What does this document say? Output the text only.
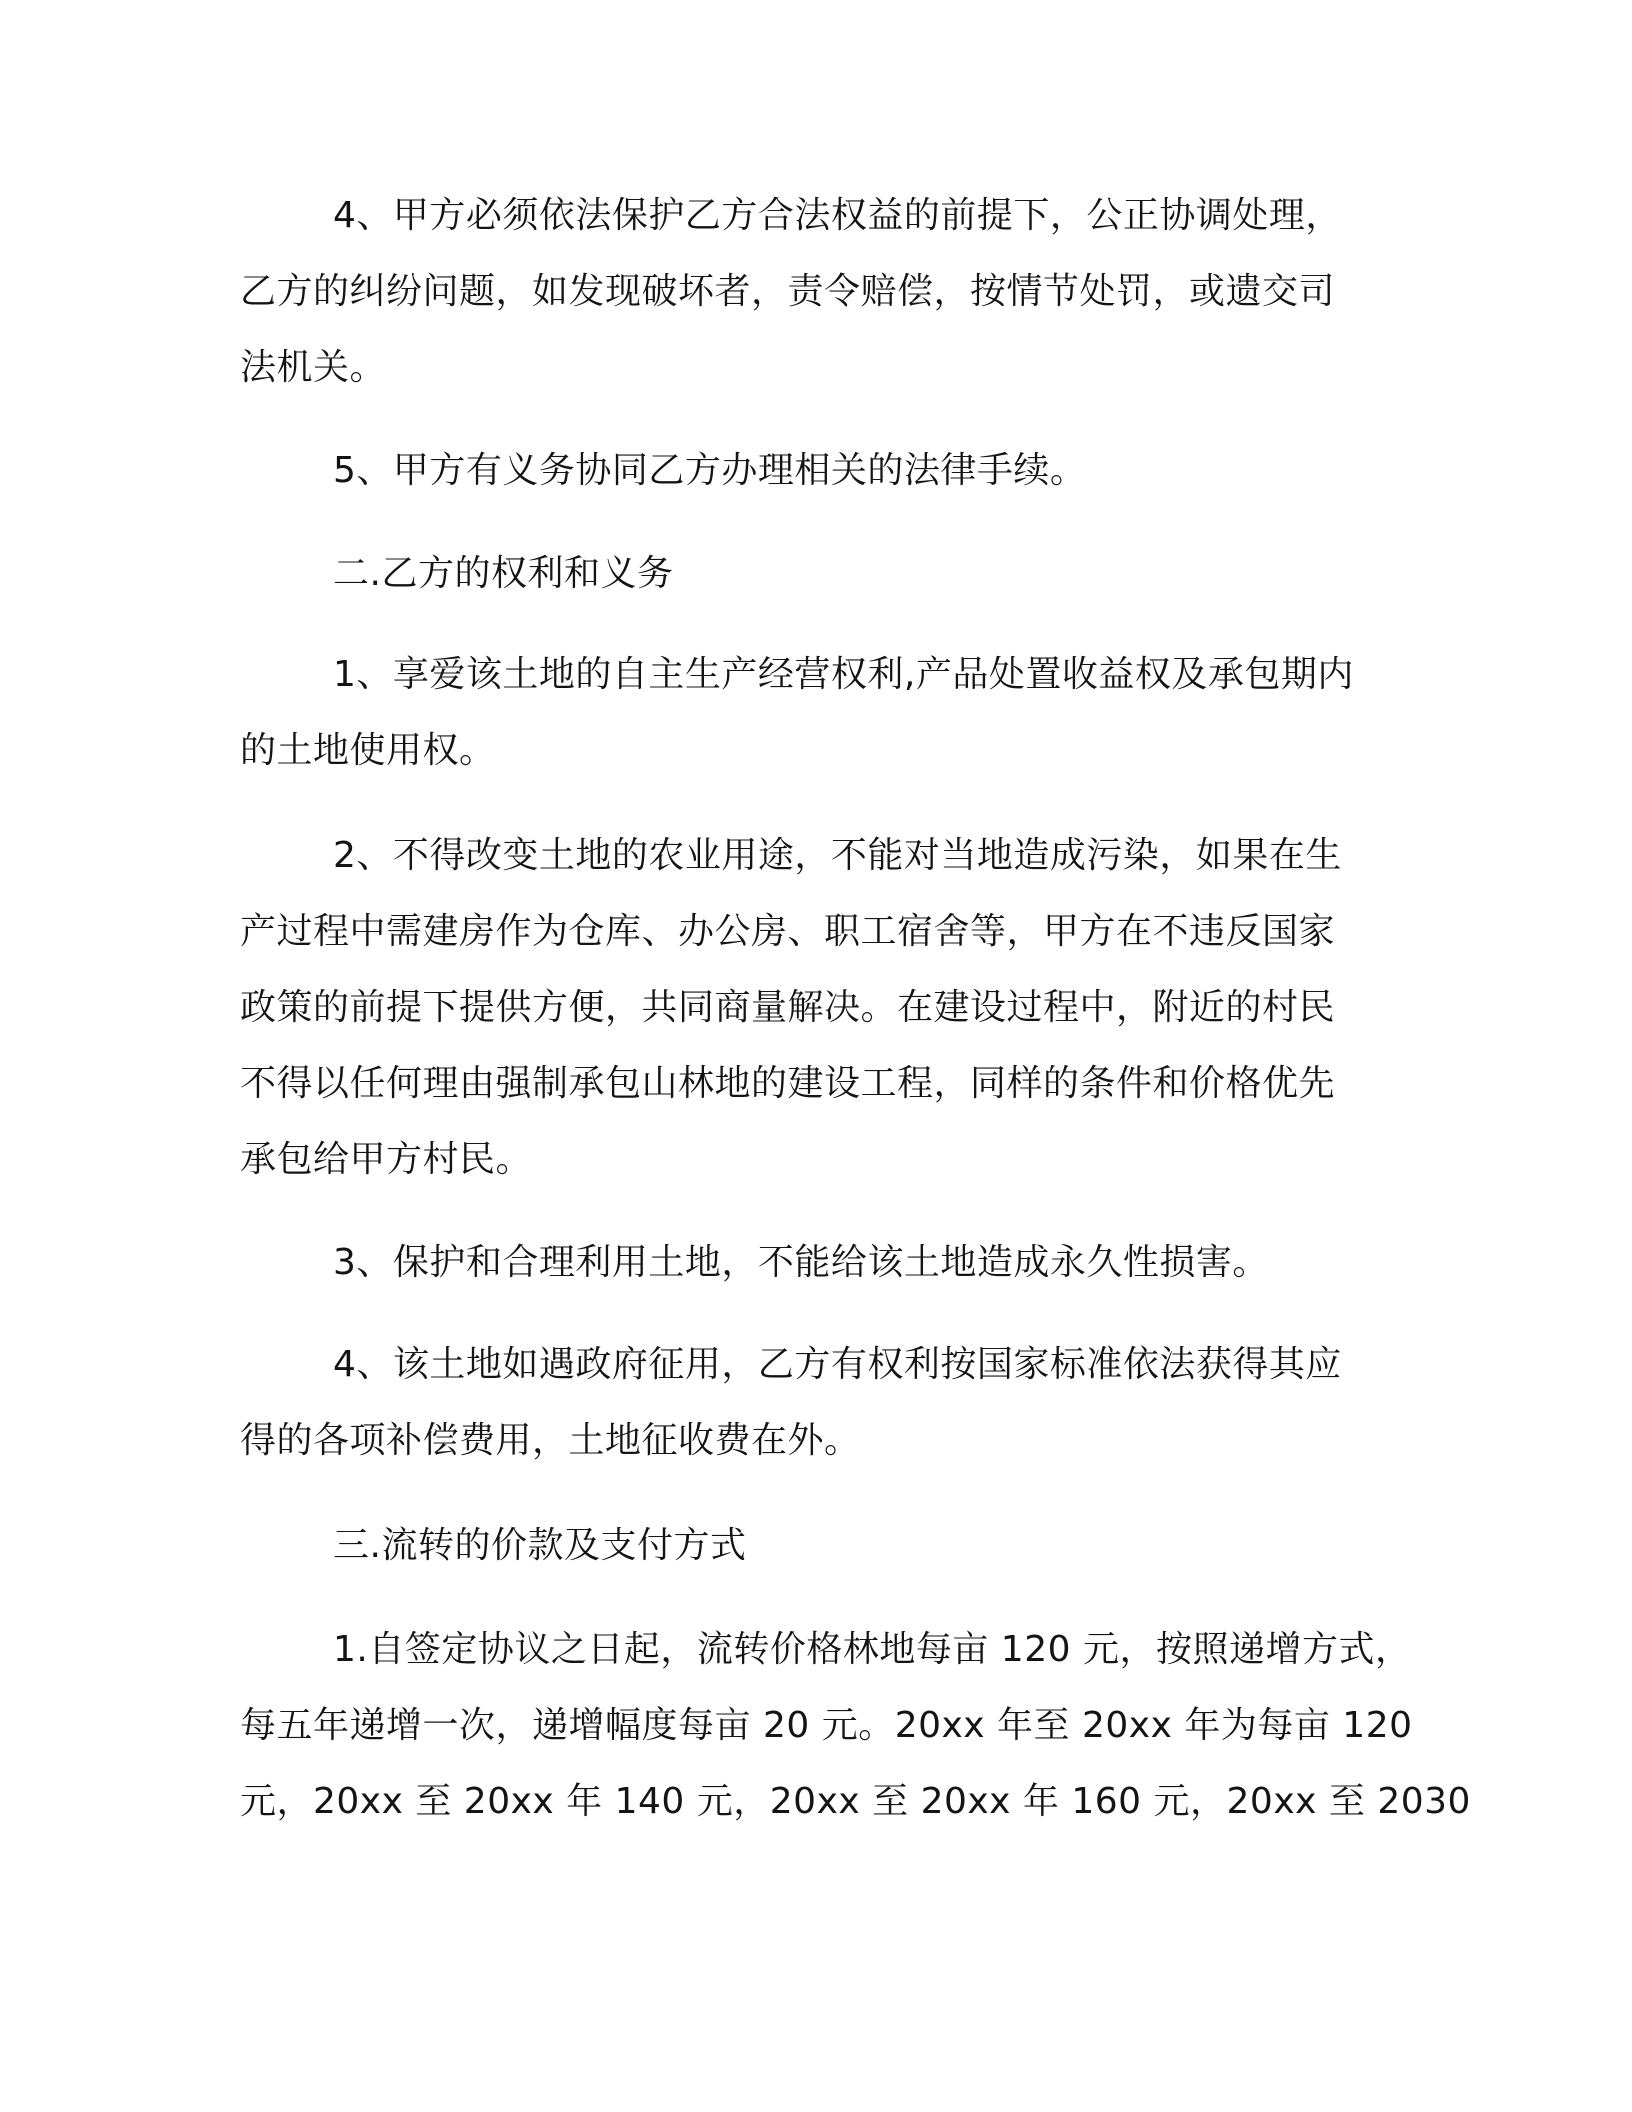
4、甲方必须依法保护乙方合法权益的前提下，公正协调处理，
乙方的纠纷问题，如发现破坏者，责令赔偿，按情节处罚，或遗交司
法机关。
5、甲方有义务协同乙方办理相关的法律手续。
二.乙方的权利和义务
1、享爱该土地的自主生产经营权利,产品处置收益权及承包期内
的土地使用权。
2、不得改变土地的农业用途，不能对当地造成污染，如果在生
产过程中需建房作为仓库、办公房、职工宿舍等，甲方在不违反国家
政策的前提下提供方便，共同商量解决。在建设过程中，附近的村民
不得以任何理由强制承包山林地的建设工程，同样的条件和价格优先
承包给甲方村民。
3、保护和合理利用土地，不能给该土地造成永久性损害。
4、该土地如遇政府征用，乙方有权利按国家标准依法获得其应
得的各项补偿费用，土地征收费在外。
三.流转的价款及支付方式
1.自签定协议之日起，流转价格林地每亩 120 元，按照递增方式，
每五年递增一次，递增幅度每亩 20 元。20xx 年至 20xx 年为每亩 120
元，20xx 至 20xx 年 140 元，20xx 至 20xx 年 160 元，20xx 至 2030
